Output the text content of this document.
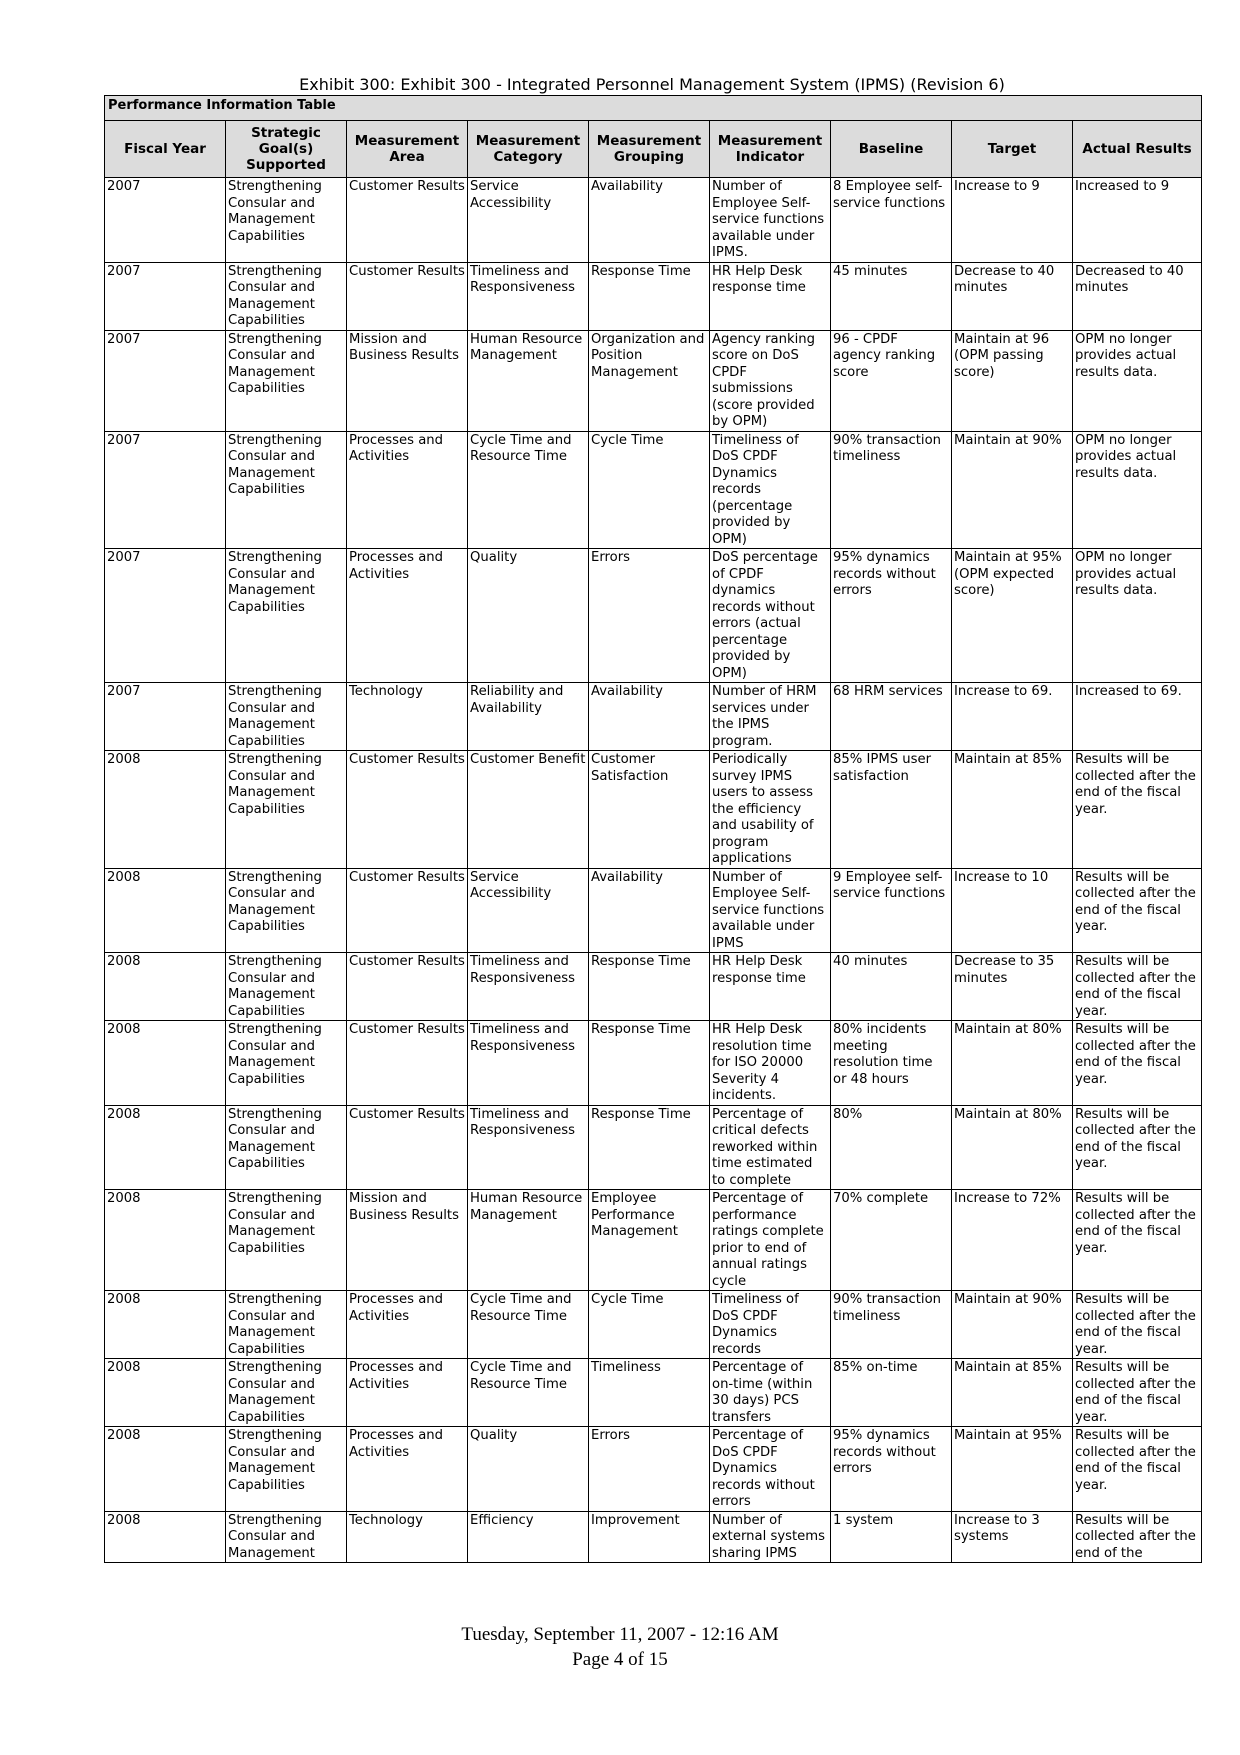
Exhibit 300: Exhibit 300 - Integrated Personnel Management System (IPMS) (Revision 6)
Performance Information Table								
Fiscal Year	Strategic Goal(s) Supported	Measurement Area	Measurement Category	Measurement Grouping	Measurement Indicator	Baseline	Target	Actual Results
2007	Strengthening Consular and Management Capabilities	Customer Results	Service Accessibility	Availability	Number of Employee Self-service functions available under IPMS.	8 Employee self-service functions	Increase to 9	Increased to 9
2007	Strengthening Consular and Management Capabilities	Customer Results	Timeliness and Responsiveness	Response Time	HR Help Desk response time	45 minutes	Decrease to 40 minutes	Decreased to 40 minutes
2007	Strengthening Consular and Management Capabilities	Mission and Business Results	Human Resource Management	Organization and Position Management	Agency ranking score on DoS CPDF submissions (score provided by OPM)	96 - CPDF agency ranking score	Maintain at 96 (OPM passing score)	OPM no longer provides actual results data.
2007	Strengthening Consular and Management Capabilities	Processes and Activities	Cycle Time and Resource Time	Cycle Time	Timeliness of DoS CPDF Dynamics records (percentage provided by OPM)	90% transaction timeliness	Maintain at 90%	OPM no longer provides actual results data.
2007	Strengthening Consular and Management Capabilities	Processes and Activities	Quality	Errors	DoS percentage of CPDF dynamics records without errors (actual percentage provided by OPM)	95% dynamics records without errors	Maintain at 95% (OPM expected score)	OPM no longer provides actual results data.
2007	Strengthening Consular and Management Capabilities	Technology	Reliability and Availability	Availability	Number of HRM services under the IPMS program.	68 HRM services	Increase to 69.	Increased to 69.
2008	Strengthening Consular and Management Capabilities	Customer Results	Customer Benefit	Customer Satisfaction	Periodically survey IPMS users to assess the efficiency and usability of program applications	85% IPMS user satisfaction	Maintain at 85%	Results will be collected after the end of the fiscal year.
2008	Strengthening Consular and Management Capabilities	Customer Results	Service Accessibility	Availability	Number of Employee Self-service functions available under IPMS	9 Employee self-service functions	Increase to 10	Results will be collected after the end of the fiscal year.
2008	Strengthening Consular and Management Capabilities	Customer Results	Timeliness and Responsiveness	Response Time	HR Help Desk response time	40 minutes	Decrease to 35 minutes	Results will be collected after the end of the fiscal year.
2008	Strengthening Consular and Management Capabilities	Customer Results	Timeliness and Responsiveness	Response Time	HR Help Desk resolution time for ISO 20000 Severity 4 incidents.	80% incidents meeting resolution time or 48 hours	Maintain at 80%	Results will be collected after the end of the fiscal year.
2008	Strengthening Consular and Management Capabilities	Customer Results	Timeliness and Responsiveness	Response Time	Percentage of critical defects reworked within time estimated to complete	80%	Maintain at 80%	Results will be collected after the end of the fiscal year.
2008	Strengthening Consular and Management Capabilities	Mission and Business Results	Human Resource Management	Employee Performance Management	Percentage of performance ratings complete prior to end of annual ratings cycle	70% complete	Increase to 72%	Results will be collected after the end of the fiscal year.
2008	Strengthening Consular and Management Capabilities	Processes and Activities	Cycle Time and Resource Time	Cycle Time	Timeliness of DoS CPDF Dynamics records	90% transaction timeliness	Maintain at 90%	Results will be collected after the end of the fiscal year.
2008	Strengthening Consular and Management Capabilities	Processes and Activities	Cycle Time and Resource Time	Timeliness	Percentage of on-time (within 30 days) PCS transfers	85% on-time	Maintain at 85%	Results will be collected after the end of the fiscal year.
2008	Strengthening Consular and Management Capabilities	Processes and Activities	Quality	Errors	Percentage of DoS CPDF Dynamics records without errors	95% dynamics records without errors	Maintain at 95%	Results will be collected after the end of the fiscal year.
2008	Strengthening Consular and Management	Technology	Efficiency	Improvement	Number of external systems sharing IPMS	1 system	Increase to 3 systems	Results will be collected after the end of the
Tuesday, September 11, 2007 - 12:16 AM
Page 4 of 15
